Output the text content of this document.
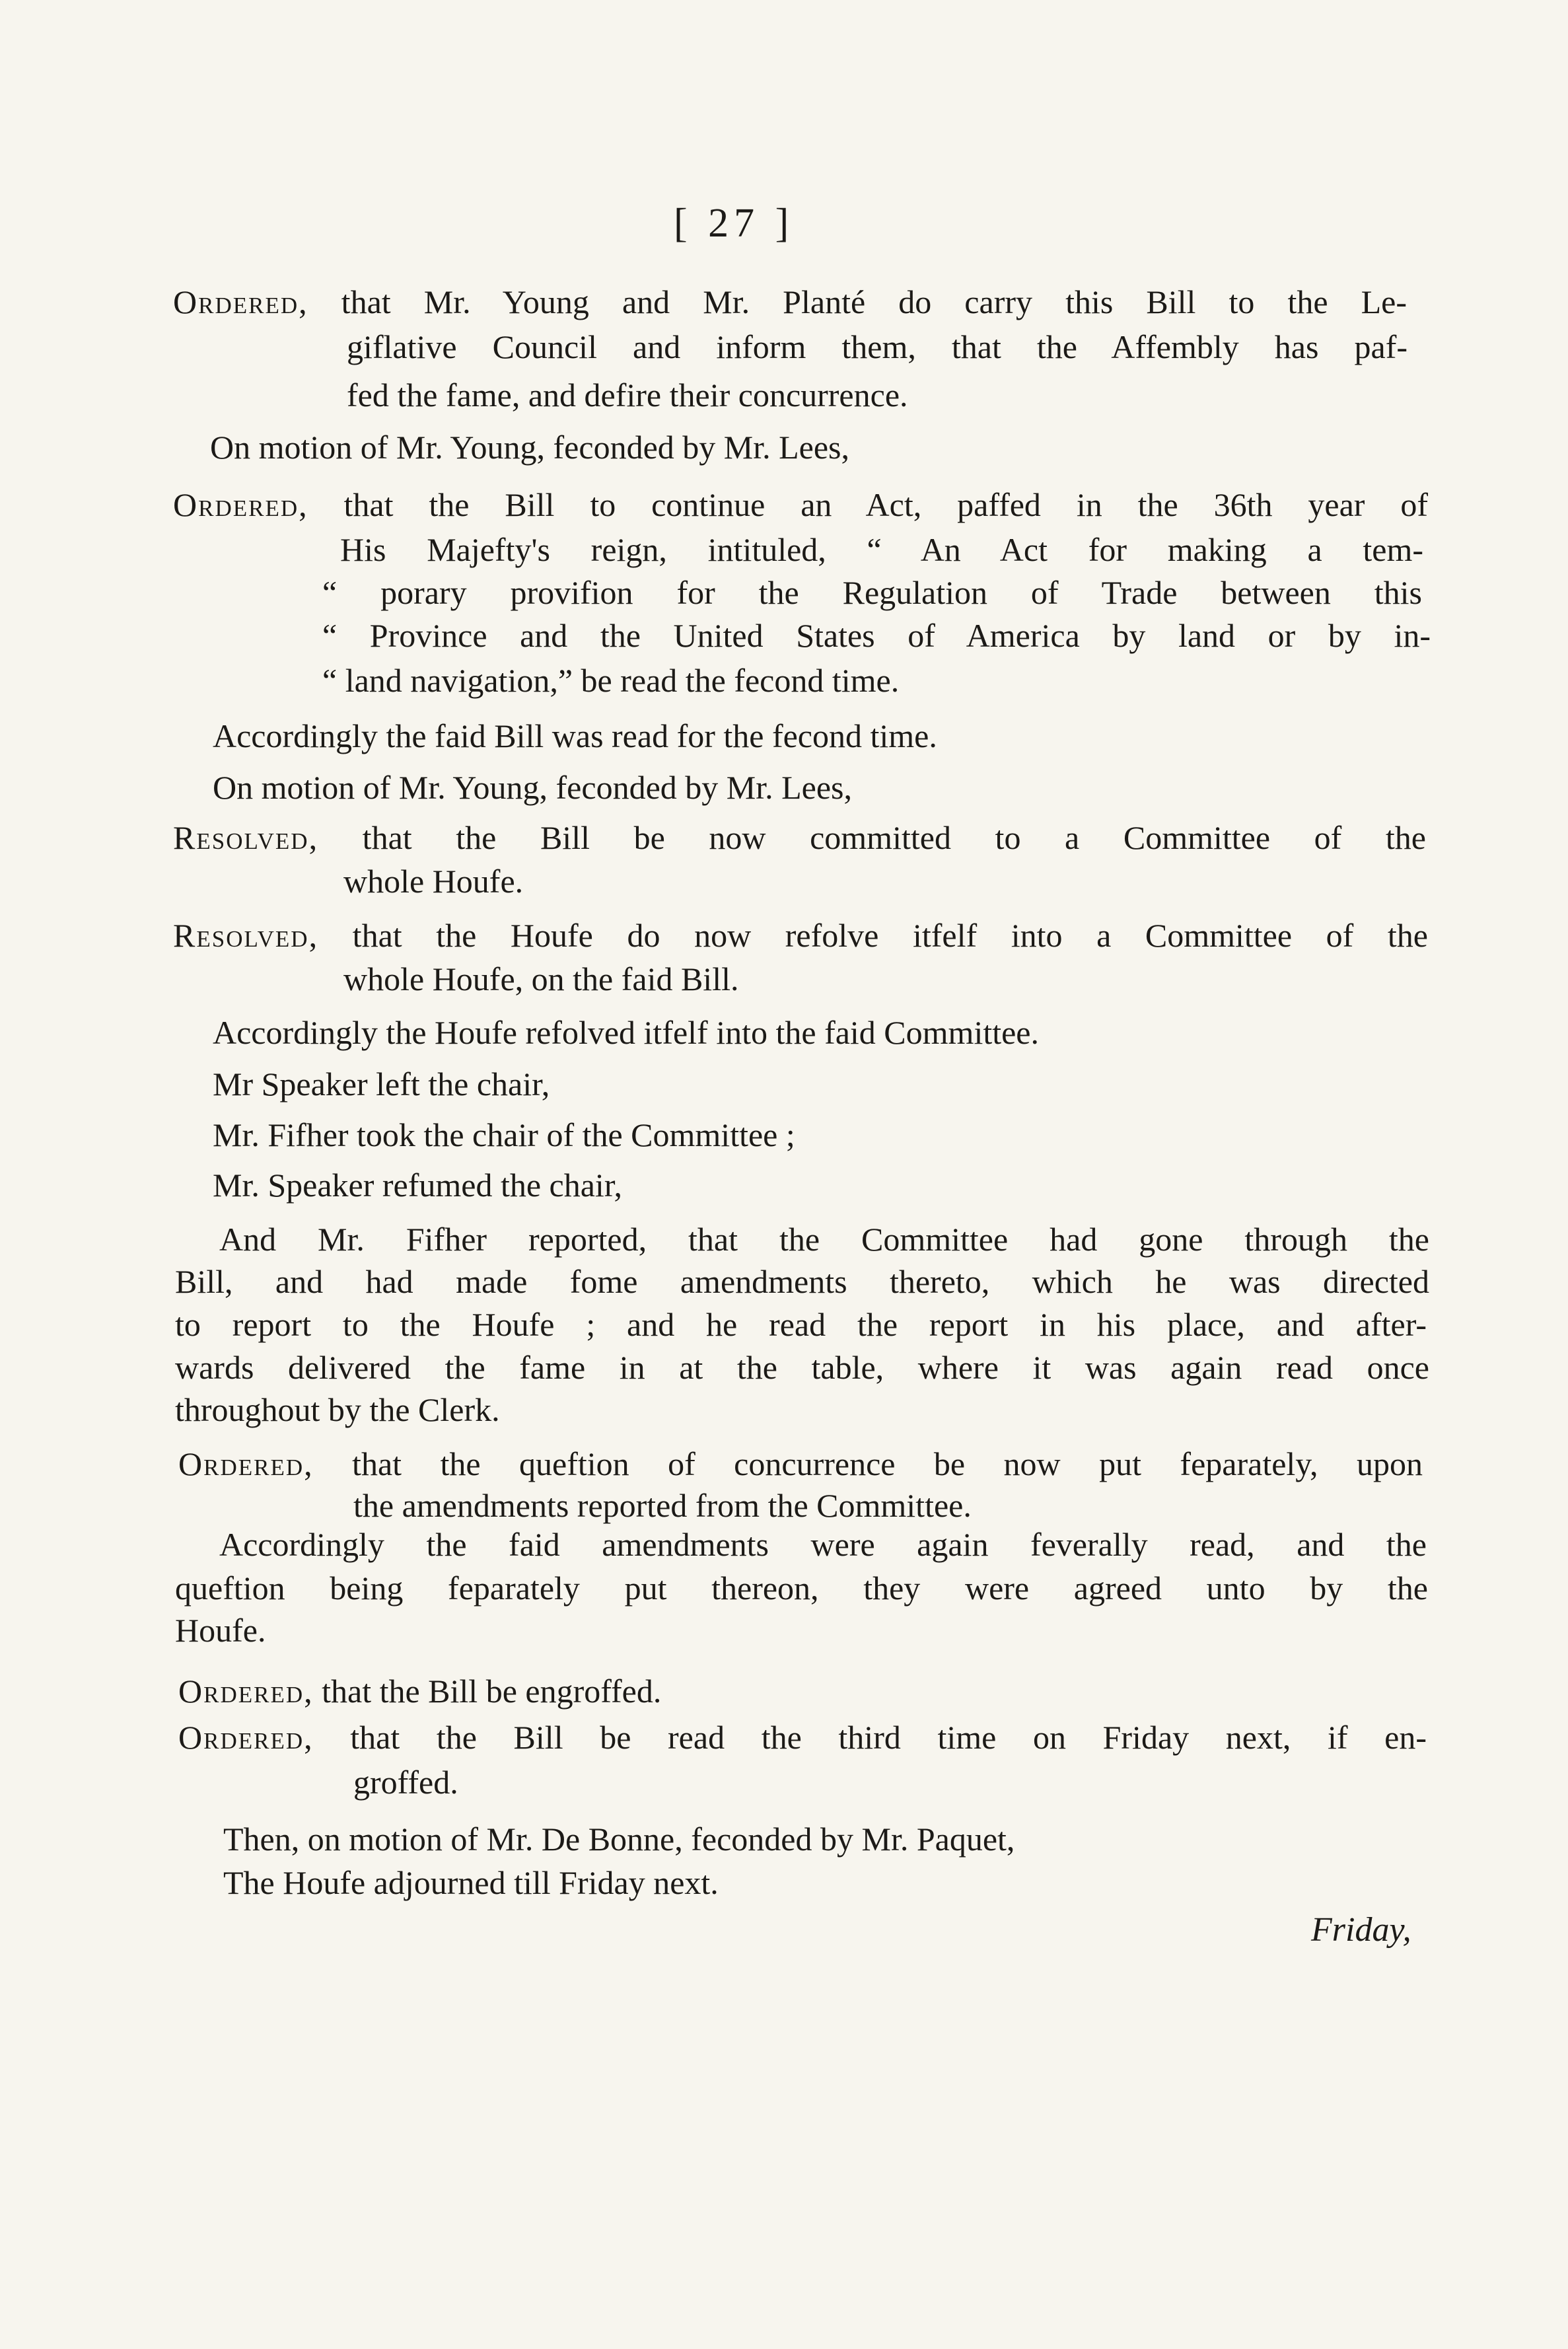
[ 27 ]
Ordered, that Mr. Young and Mr. Planté do carry this Bill to the Le-
giflative Council and inform them, that the Affembly has paf-
fed the fame, and defire their concurrence.
On motion of Mr. Young, feconded by Mr. Lees,
Ordered, that the Bill to continue an Act, paffed in the 36th year of
His Majefty's reign, intituled, “ An Act for making a tem-
“ porary provifion for the Regulation of Trade between this
“ Province and the United States of America by land or by in-
“ land navigation,” be read the fecond time.
Accordingly the faid Bill was read for the fecond time.
On motion of Mr. Young, feconded by Mr. Lees,
Resolved, that the Bill be now committed to a Committee of the
whole Houfe.
Resolved, that the Houfe do now refolve itfelf into a Committee of the
whole Houfe, on the faid Bill.
Accordingly the Houfe refolved itfelf into the faid Committee.
Mr Speaker left the chair,
Mr. Fifher took the chair of the Committee ;
Mr. Speaker refumed the chair,
And Mr. Fifher reported, that the Committee had gone through the
Bill, and had made fome amendments thereto, which he was directed
to report to the Houfe ; and he read the report in his place, and after-
wards delivered the fame in at the table, where it was again read once
throughout by the Clerk.
Ordered, that the queftion of concurrence be now put feparately, upon
the amendments reported from the Committee.
Accordingly the faid amendments were again feverally read, and the
queftion being feparately put thereon, they were agreed unto by the
Houfe.
Ordered, that the Bill be engroffed.
Ordered, that the Bill be read the third time on Friday next, if en-
groffed.
Then, on motion of Mr. De Bonne, feconded by Mr. Paquet,
The Houfe adjourned till Friday next.
Friday,
